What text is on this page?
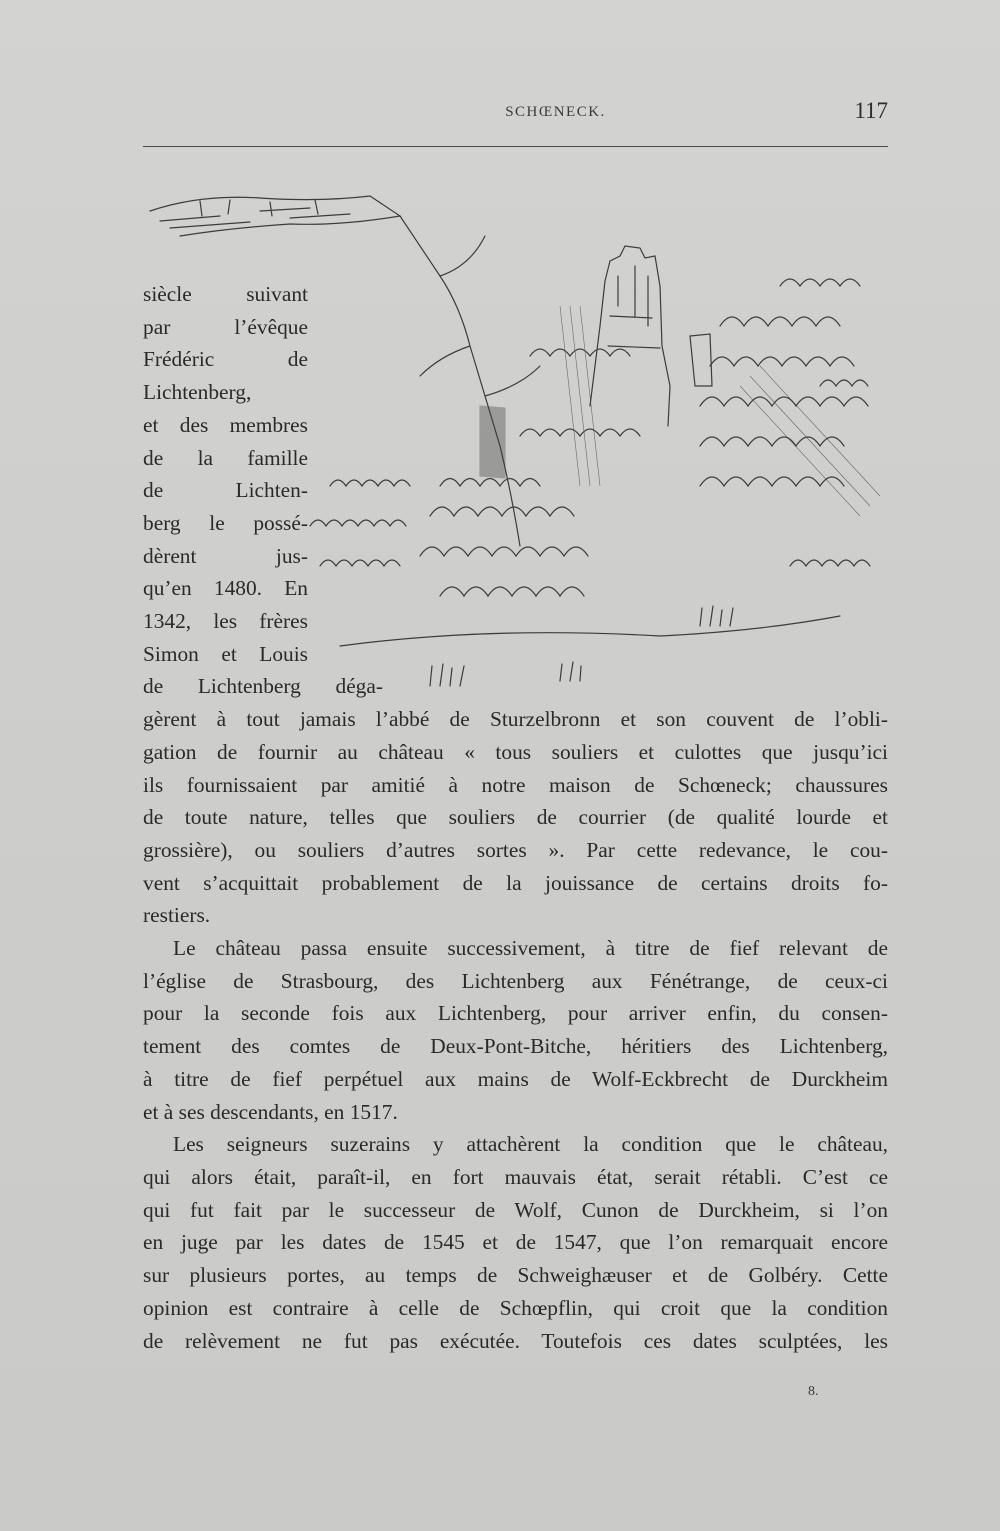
SCHŒNECK.	117
siècle suivant
par l’évêque
Frédéric de
Lichtenberg,
et des membres
de la famille
de Lichten-
berg le possé-
dèrent jus-
qu’en 1480. En
1342, les frères
Simon et Louis
de Lichtenberg déga-
gèrent à tout jamais l’abbé de Sturzelbronn et son couvent de l’obli-
gation de fournir au château « tous souliers et culottes que jusqu’ici
ils fournissaient par amitié à notre maison de Schœneck; chaussures
de toute nature, telles que souliers de courrier (de qualité lourde et
grossière), ou souliers d’autres sortes ». Par cette redevance, le cou-
vent s’acquittait probablement de la jouissance de certains droits fo-
restiers.
Le château passa ensuite successivement, à titre de fief relevant de
l’église de Strasbourg, des Lichtenberg aux Fénétrange, de ceux-ci
pour la seconde fois aux Lichtenberg, pour arriver enfin, du consen-
tement des comtes de Deux-Pont-Bitche, héritiers des Lichtenberg,
à titre de fief perpétuel aux mains de Wolf-Eckbrecht de Durckheim
et à ses descendants, en 1517.
Les seigneurs suzerains y attachèrent la condition que le château,
qui alors était, paraît-il, en fort mauvais état, serait rétabli. C’est ce
qui fut fait par le successeur de Wolf, Cunon de Durckheim, si l’on
en juge par les dates de 1545 et de 1547, que l’on remarquait encore
sur plusieurs portes, au temps de Schweighæuser et de Golbéry. Cette
opinion est contraire à celle de Schœpflin, qui croit que la condition
de relèvement ne fut pas exécutée. Toutefois ces dates sculptées, les
8.
